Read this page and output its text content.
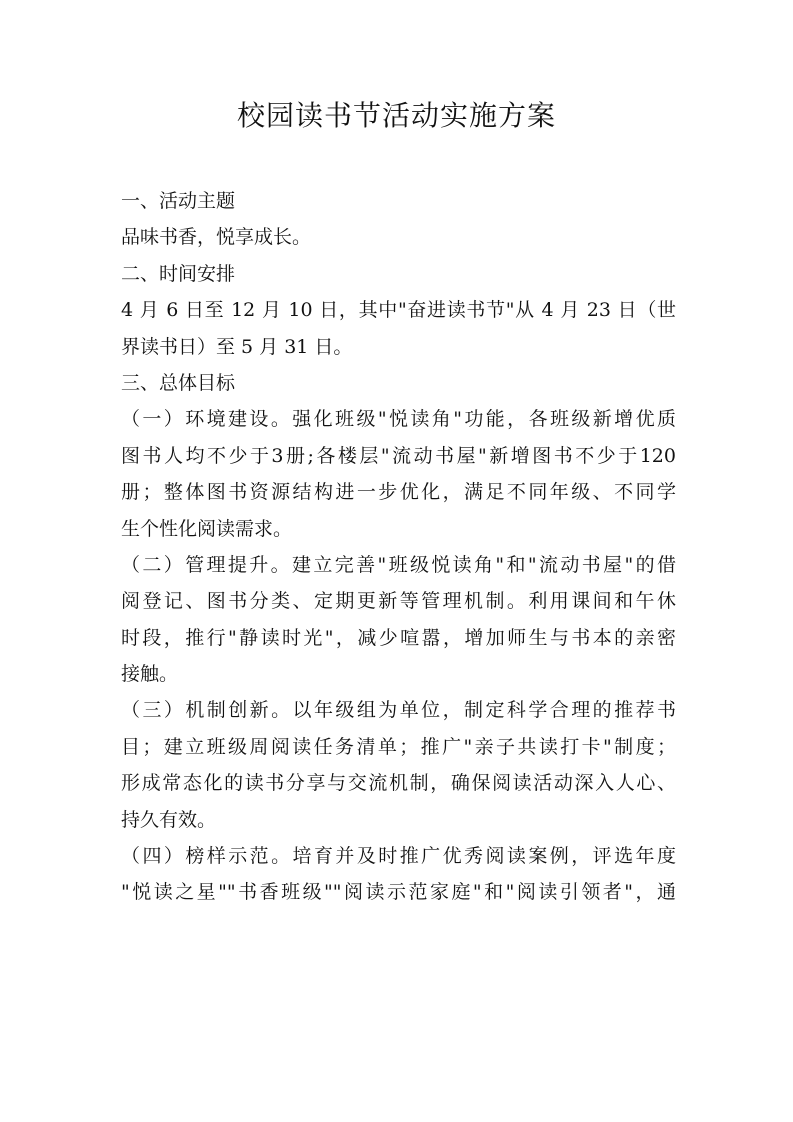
校园读书节活动实施方案
一、活动主题
品味书香，悦享成长。
二、时间安排
4 月 6 日至 12 月 10 日，其中"奋进读书节"从 4 月 23 日（世
界读书日）至 5 月 31 日。
三、总体目标
（一）环境建设。强化班级"悦读角"功能，各班级新增优质
图书人均不少于3册;各楼层"流动书屋"新增图书不少于120
册；整体图书资源结构进一步优化，满足不同年级、不同学
生个性化阅读需求。
（二）管理提升。建立完善"班级悦读角"和"流动书屋"的借
阅登记、图书分类、定期更新等管理机制。利用课间和午休
时段，推行"静读时光"，减少喧嚣，增加师生与书本的亲密
接触。
（三）机制创新。以年级组为单位，制定科学合理的推荐书
目；建立班级周阅读任务清单；推广"亲子共读打卡"制度；
形成常态化的读书分享与交流机制，确保阅读活动深入人心、
持久有效。
（四）榜样示范。培育并及时推广优秀阅读案例，评选年度
"悦读之星""书香班级""阅读示范家庭"和"阅读引领者"，通
